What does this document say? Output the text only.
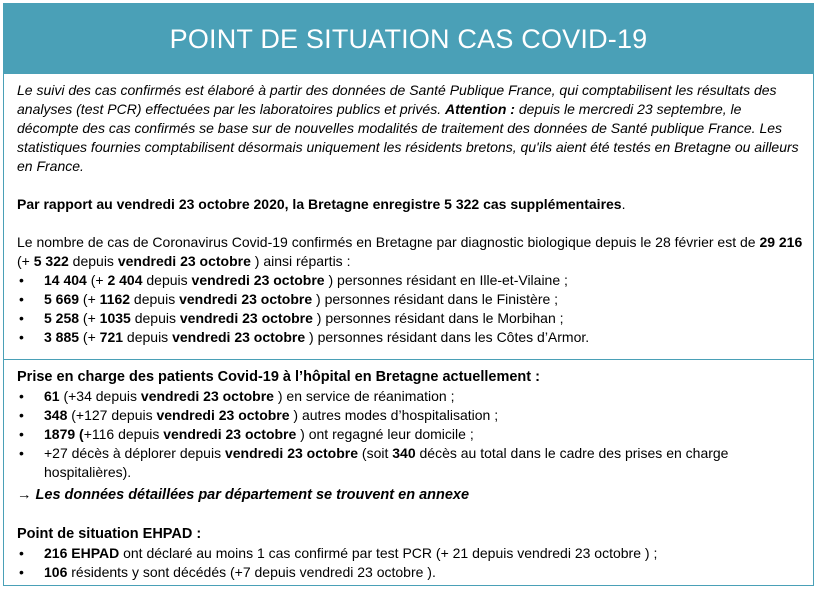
POINT DE SITUATION CAS COVID-19

Le suivi des cas confirmés est élaboré à partir des données de Santé Publique France, qui comptabilisent les résultats des analyses (test PCR) effectuées par les laboratoires publics et privés. Attention : depuis le mercredi 23 septembre, le décompte des cas confirmés se base sur de nouvelles modalités de traitement des données de Santé publique France. Les statistiques fournies comptabilisent désormais uniquement les résidents bretons, qu'ils aient été testés en Bretagne ou ailleurs en France.

Par rapport au vendredi 23 octobre 2020, la Bretagne enregistre 5 322 cas supplémentaires.

Le nombre de cas de Coronavirus Covid-19 confirmés en Bretagne par diagnostic biologique depuis le 28 février est de 29 216 (+ 5 322 depuis vendredi 23 octobre ) ainsi répartis :

• 14 404 (+ 2 404 depuis vendredi 23 octobre ) personnes résidant en Ille-et-Vilaine ;
• 5 669 (+ 1162 depuis vendredi 23 octobre ) personnes résidant dans le Finistère ;
• 5 258 (+ 1035 depuis vendredi 23 octobre ) personnes résidant dans le Morbihan ;
• 3 885 (+ 721 depuis vendredi 23 octobre ) personnes résidant dans les Côtes d’Armor.

Prise en charge des patients Covid-19 à l’hôpital en Bretagne actuellement :

• 61 (+34 depuis vendredi 23 octobre ) en service de réanimation ;
• 348 (+127 depuis vendredi 23 octobre ) autres modes d’hospitalisation ;
• 1879 (+116 depuis vendredi 23 octobre ) ont regagné leur domicile ;
• +27 décès à déplorer depuis vendredi 23 octobre (soit 340 décès au total dans le cadre des prises en charge hospitalières).

→ Les données détaillées par département se trouvent en annexe

Point de situation EHPAD :

• 216 EHPAD ont déclaré au moins 1 cas confirmé par test PCR (+ 21 depuis vendredi 23 octobre ) ;
• 106 résidents y sont décédés (+7 depuis vendredi 23 octobre ).
